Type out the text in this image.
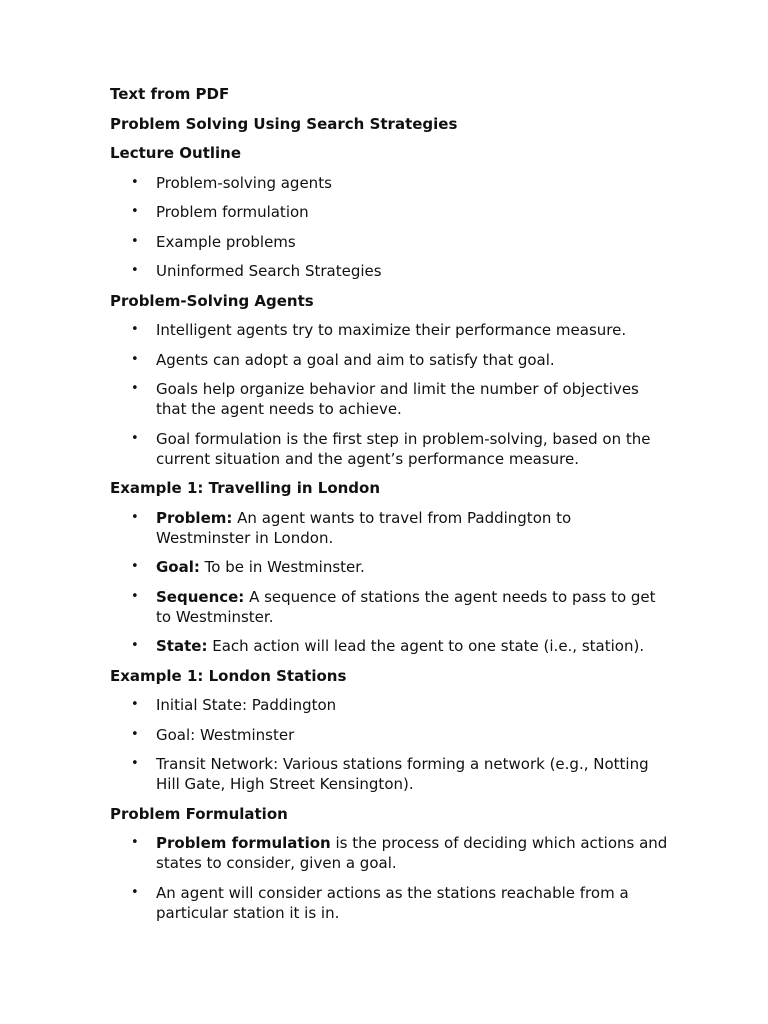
Text from PDF
Problem Solving Using Search Strategies
Lecture Outline
• Problem-solving agents
• Problem formulation
• Example problems
• Uninformed Search Strategies
Problem-Solving Agents
• Intelligent agents try to maximize their performance measure.
• Agents can adopt a goal and aim to satisfy that goal.
• Goals help organize behavior and limit the number of objectives that the agent needs to achieve.
• Goal formulation is the first step in problem-solving, based on the current situation and the agent’s performance measure.
Example 1: Travelling in London
• Problem: An agent wants to travel from Paddington to Westminster in London.
• Goal: To be in Westminster.
• Sequence: A sequence of stations the agent needs to pass to get to Westminster.
• State: Each action will lead the agent to one state (i.e., station).
Example 1: London Stations
• Initial State: Paddington
• Goal: Westminster
• Transit Network: Various stations forming a network (e.g., Notting Hill Gate, High Street Kensington).
Problem Formulation
• Problem formulation is the process of deciding which actions and states to consider, given a goal.
• An agent will consider actions as the stations reachable from a particular station it is in.
